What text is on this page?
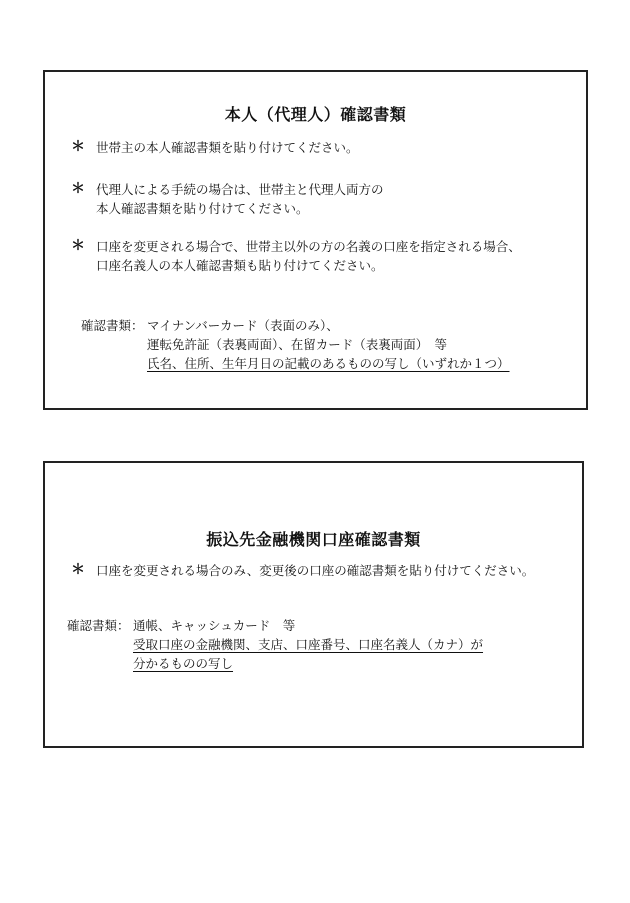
本人（代理人）確認書類
＊ 世帯主の本人確認書類を貼り付けてください。
＊ 代理人による手続の場合は、世帯主と代理人両方の
本人確認書類を貼り付けてください。
＊ 口座を変更される場合で、世帯主以外の方の名義の口座を指定される場合、
口座名義人の本人確認書類も貼り付けてください。
確認書類： マイナンバーカード（表面のみ）、
運転免許証（表裏両面）、在留カード（表裏両面）　等
氏名、住所、生年月日の記載のあるものの写し（いずれか１つ）
振込先金融機関口座確認書類
＊ 口座を変更される場合のみ、変更後の口座の確認書類を貼り付けてください。
確認書類： 通帳、キャッシュカード　等
受取口座の金融機関、支店、口座番号、口座名義人（カナ）が
分かるものの写し
